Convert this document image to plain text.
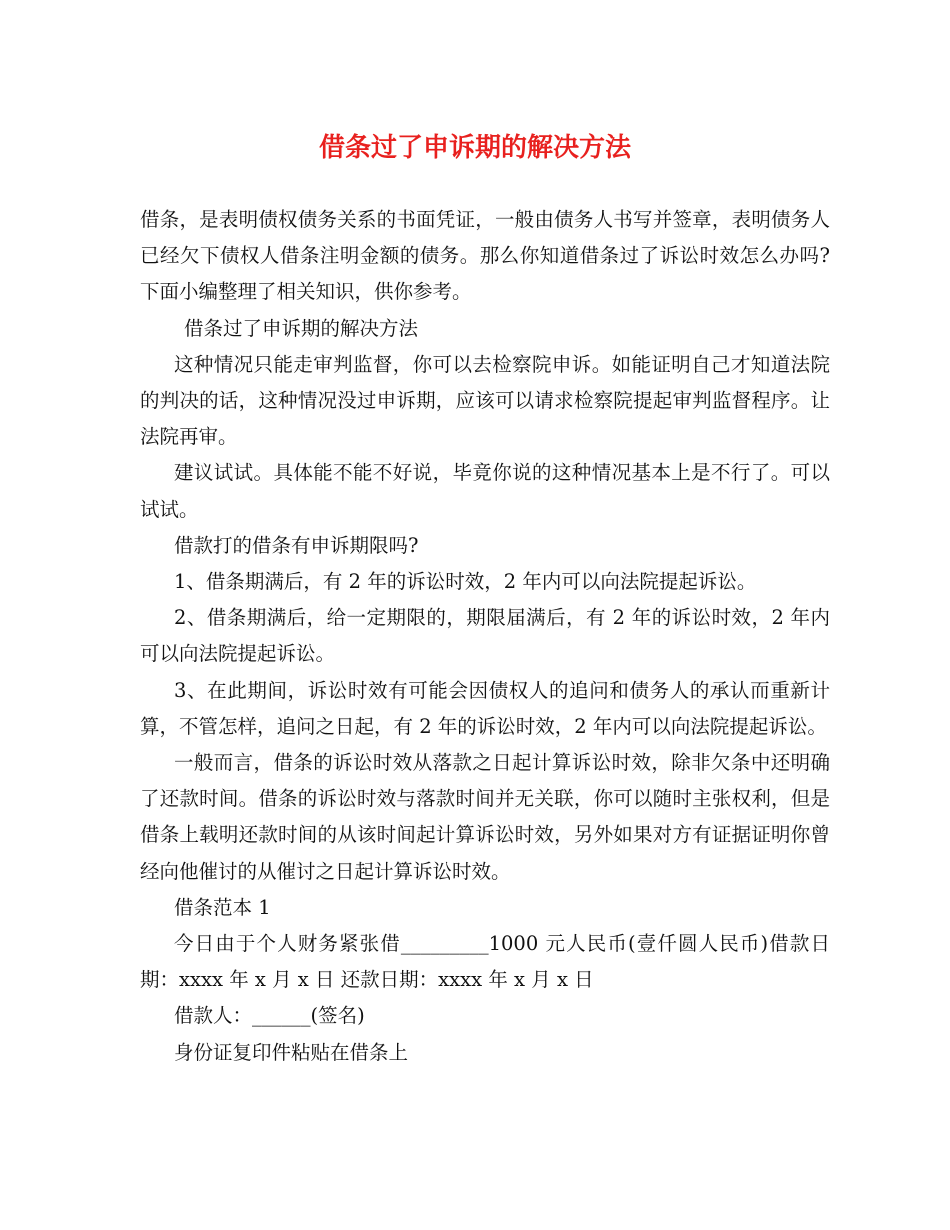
借条过了申诉期的解决方法

借条，是表明债权债务关系的书面凭证，一般由债务人书写并签章，表明债务人已经欠下债权人借条注明金额的债务。那么你知道借条过了诉讼时效怎么办吗?下面小编整理了相关知识，供你参考。

借条过了申诉期的解决方法

这种情况只能走审判监督，你可以去检察院申诉。如能证明自己才知道法院的判决的话，这种情况没过申诉期，应该可以请求检察院提起审判监督程序。让法院再审。

建议试试。具体能不能不好说，毕竟你说的这种情况基本上是不行了。可以试试。

借款打的借条有申诉期限吗?

1、借条期满后，有 2 年的诉讼时效，2 年内可以向法院提起诉讼。

2、借条期满后，给一定期限的，期限届满后，有 2 年的诉讼时效，2 年内可以向法院提起诉讼。

3、在此期间，诉讼时效有可能会因债权人的追问和债务人的承认而重新计算，不管怎样，追问之日起，有 2 年的诉讼时效，2 年内可以向法院提起诉讼。

一般而言，借条的诉讼时效从落款之日起计算诉讼时效，除非欠条中还明确了还款时间。借条的诉讼时效与落款时间并无关联，你可以随时主张权利，但是借条上载明还款时间的从该时间起计算诉讼时效，另外如果对方有证据证明你曾经向他催讨的从催讨之日起计算诉讼时效。

借条范本 1

今日由于个人财务紧张借_________1000 元人民币(壹仟圆人民币)借款日期：xxxx 年 x 月 x 日 还款日期：xxxx 年 x 月 x 日

借款人：______(签名)

身份证复印件粘贴在借条上
